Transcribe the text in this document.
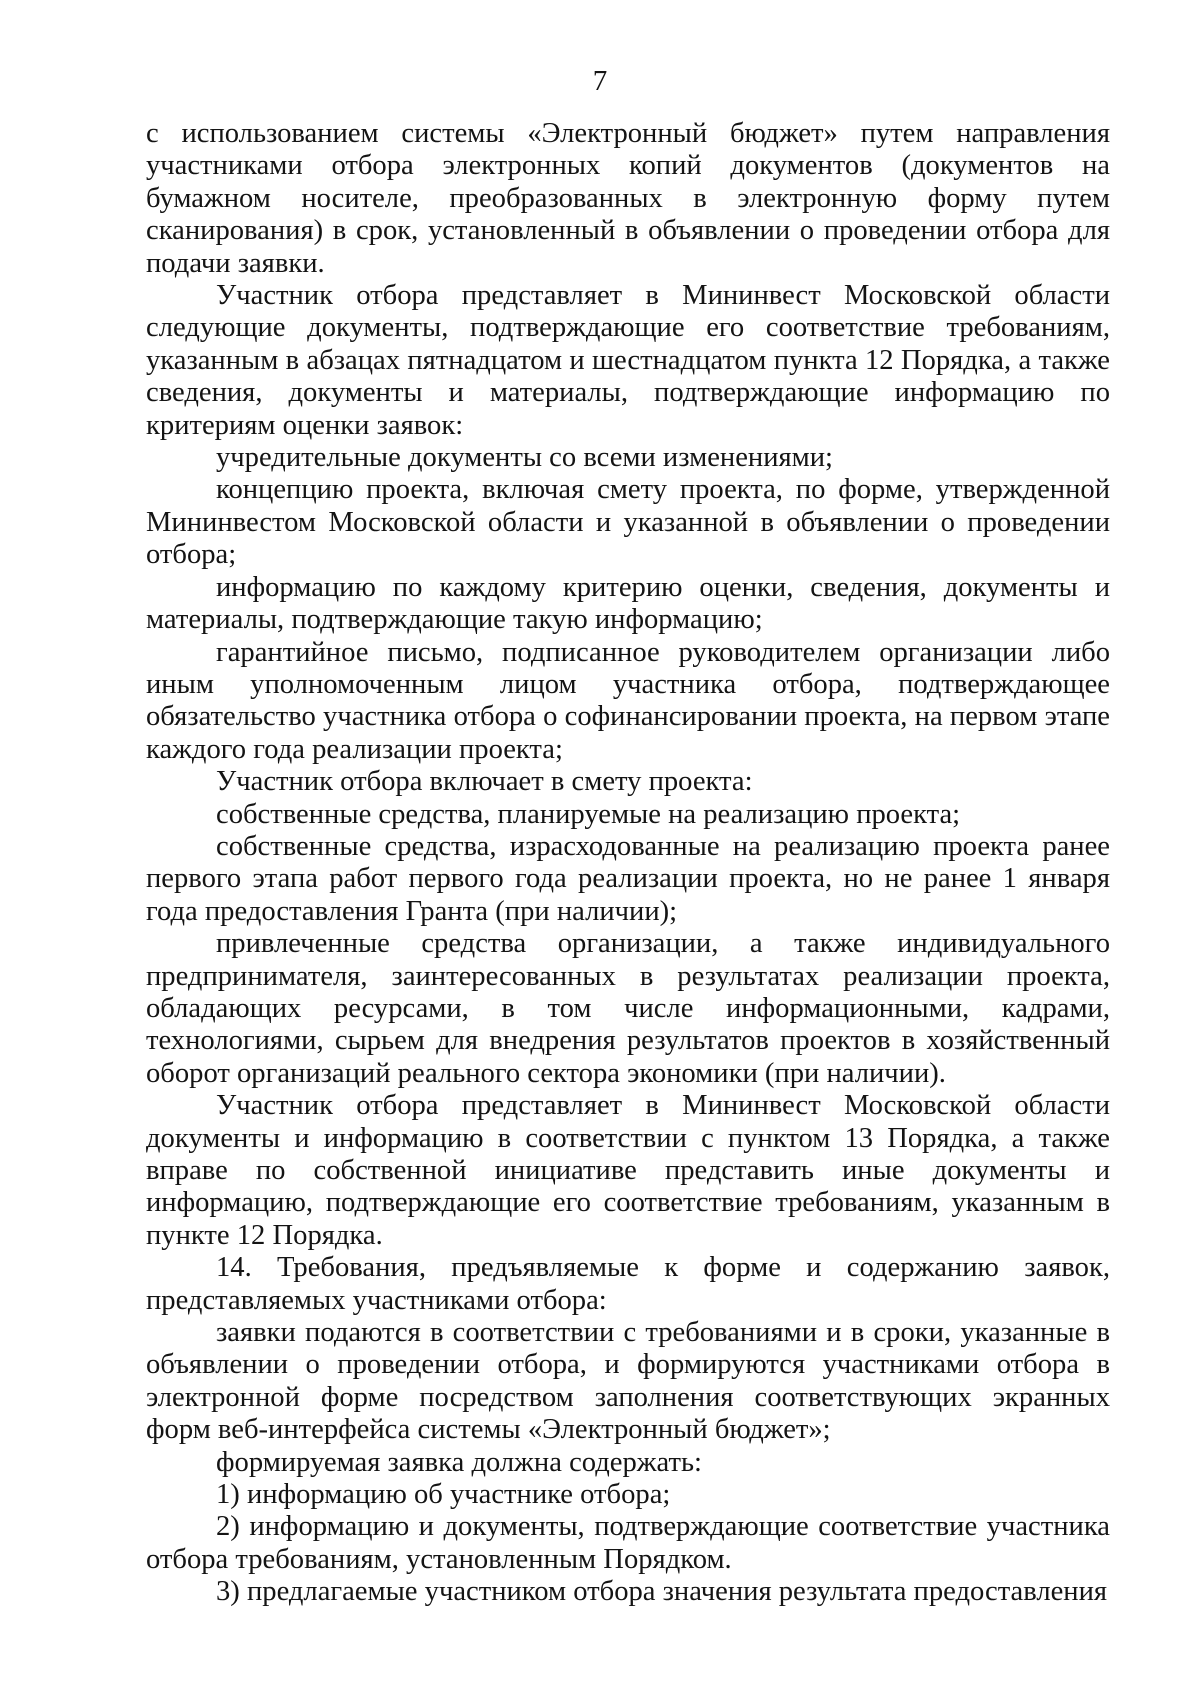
7

с использованием системы «Электронный бюджет» путем направления участниками отбора электронных копий документов (документов на бумажном носителе, преобразованных в электронную форму путем сканирования) в срок, установленный в объявлении о проведении отбора для подачи заявки.

Участник отбора представляет в Мининвест Московской области следующие документы, подтверждающие его соответствие требованиям, указанным в абзацах пятнадцатом и шестнадцатом пункта 12 Порядка, а также сведения, документы и материалы, подтверждающие информацию по критериям оценки заявок:

учредительные документы со всеми изменениями;

концепцию проекта, включая смету проекта, по форме, утвержденной Мининвестом Московской области и указанной в объявлении о проведении отбора;

информацию по каждому критерию оценки, сведения, документы и материалы, подтверждающие такую информацию;

гарантийное письмо, подписанное руководителем организации либо иным уполномоченным лицом участника отбора, подтверждающее обязательство участника отбора о софинансировании проекта, на первом этапе каждого года реализации проекта;

Участник отбора включает в смету проекта:

собственные средства, планируемые на реализацию проекта;

собственные средства, израсходованные на реализацию проекта ранее первого этапа работ первого года реализации проекта, но не ранее 1 января года предоставления Гранта (при наличии);

привлеченные средства организации, а также индивидуального предпринимателя, заинтересованных в результатах реализации проекта, обладающих ресурсами, в том числе информационными, кадрами, технологиями, сырьем для внедрения результатов проектов в хозяйственный оборот организаций реального сектора экономики (при наличии).

Участник отбора представляет в Мининвест Московской области документы и информацию в соответствии с пунктом 13 Порядка, а также вправе по собственной инициативе представить иные документы и информацию, подтверждающие его соответствие требованиям, указанным в пункте 12 Порядка.

14. Требования, предъявляемые к форме и содержанию заявок, представляемых участниками отбора:

заявки подаются в соответствии с требованиями и в сроки, указанные в объявлении о проведении отбора, и формируются участниками отбора в электронной форме посредством заполнения соответствующих экранных форм веб-интерфейса системы «Электронный бюджет»;

формируемая заявка должна содержать:

1) информацию об участнике отбора;

2) информацию и документы, подтверждающие соответствие участника отбора требованиям, установленным Порядком.

3) предлагаемые участником отбора значения результата предоставления
